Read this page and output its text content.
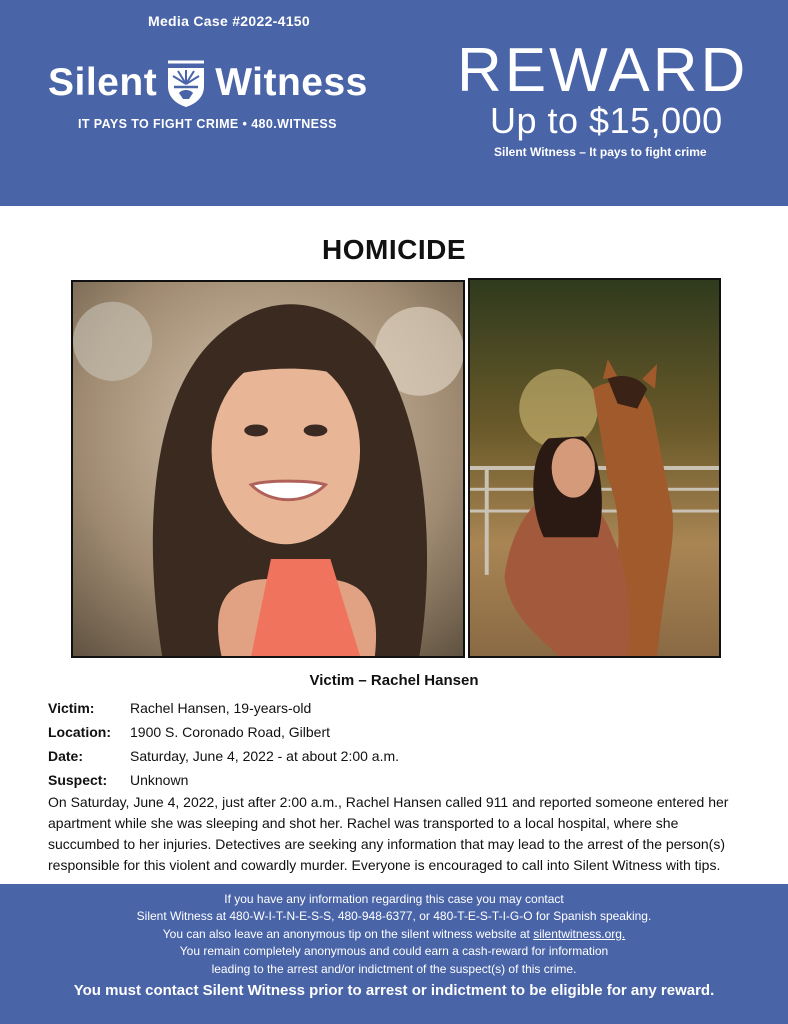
Media Case #2022-4150
Silent Witness
IT PAYS TO FIGHT CRIME • 480.WITNESS
REWARD
Up to $15,000
Silent Witness – It pays to fight crime
HOMICIDE
Victim – Rachel Hansen
Victim:	Rachel Hansen, 19-years-old
Location:	1900 S. Coronado Road, Gilbert
Date:	Saturday, June 4, 2022 - at about 2:00 a.m.
Suspect:	Unknown
On Saturday, June 4, 2022, just after 2:00 a.m., Rachel Hansen called 911 and reported someone entered her apartment while she was sleeping and shot her. Rachel was transported to a local hospital, where she succumbed to her injuries. Detectives are seeking any information that may lead to the arrest of the person(s) responsible for this violent and cowardly murder. Everyone is encouraged to call into Silent Witness with tips.
If you have any information regarding this case you may contact
Silent Witness at 480-W-I-T-N-E-S-S, 480-948-6377, or 480-T-E-S-T-I-G-O for Spanish speaking.
You can also leave an anonymous tip on the silent witness website at silentwitness.org.
You remain completely anonymous and could earn a cash-reward for information
leading to the arrest and/or indictment of the suspect(s) of this crime.
You must contact Silent Witness prior to arrest or indictment to be eligible for any reward.
